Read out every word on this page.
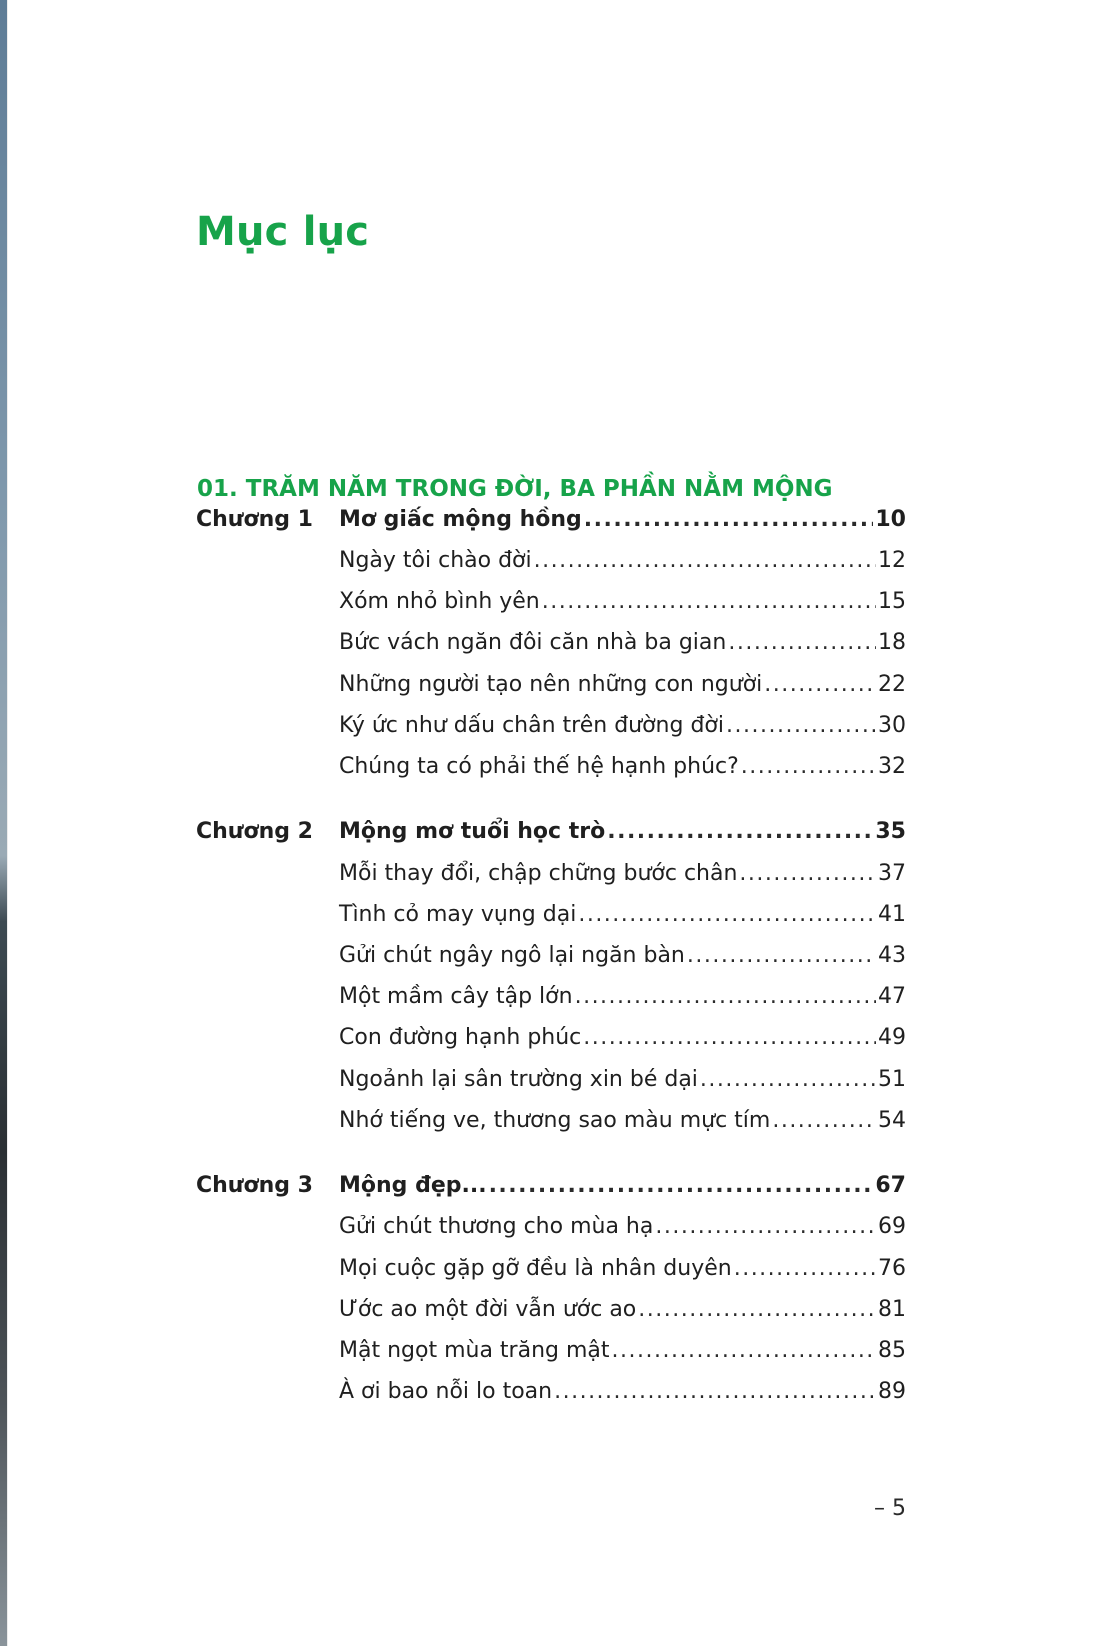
Mục lục
01. TRĂM NĂM TRONG ĐỜI, BA PHẦN NẰM MỘNG
Chương 1	Mơ giấc mộng hồng .....	10
Ngày tôi chào đời .....	12
Xóm nhỏ bình yên .....	15
Bức vách ngăn đôi căn nhà ba gian .....	18
Những người tạo nên những con người .....	22
Ký ức như dấu chân trên đường đời .....	30
Chúng ta có phải thế hệ hạnh phúc? .....	32
Chương 2	Mộng mơ tuổi học trò .....	35
Mỗi thay đổi, chập chững bước chân .....	37
Tình cỏ may vụng dại .....	41
Gửi chút ngây ngô lại ngăn bàn .....	43
Một mầm cây tập lớn .....	47
Con đường hạnh phúc .....	49
Ngoảnh lại sân trường xin bé dại .....	51
Nhớ tiếng ve, thương sao màu mực tím .....	54
Chương 3	Mộng đẹp... .....	67
Gửi chút thương cho mùa hạ .....	69
Mọi cuộc gặp gỡ đều là nhân duyên .....	76
Ước ao một đời vẫn ước ao .....	81
Mật ngọt mùa trăng mật .....	85
À ơi bao nỗi lo toan .....	89
– 5
